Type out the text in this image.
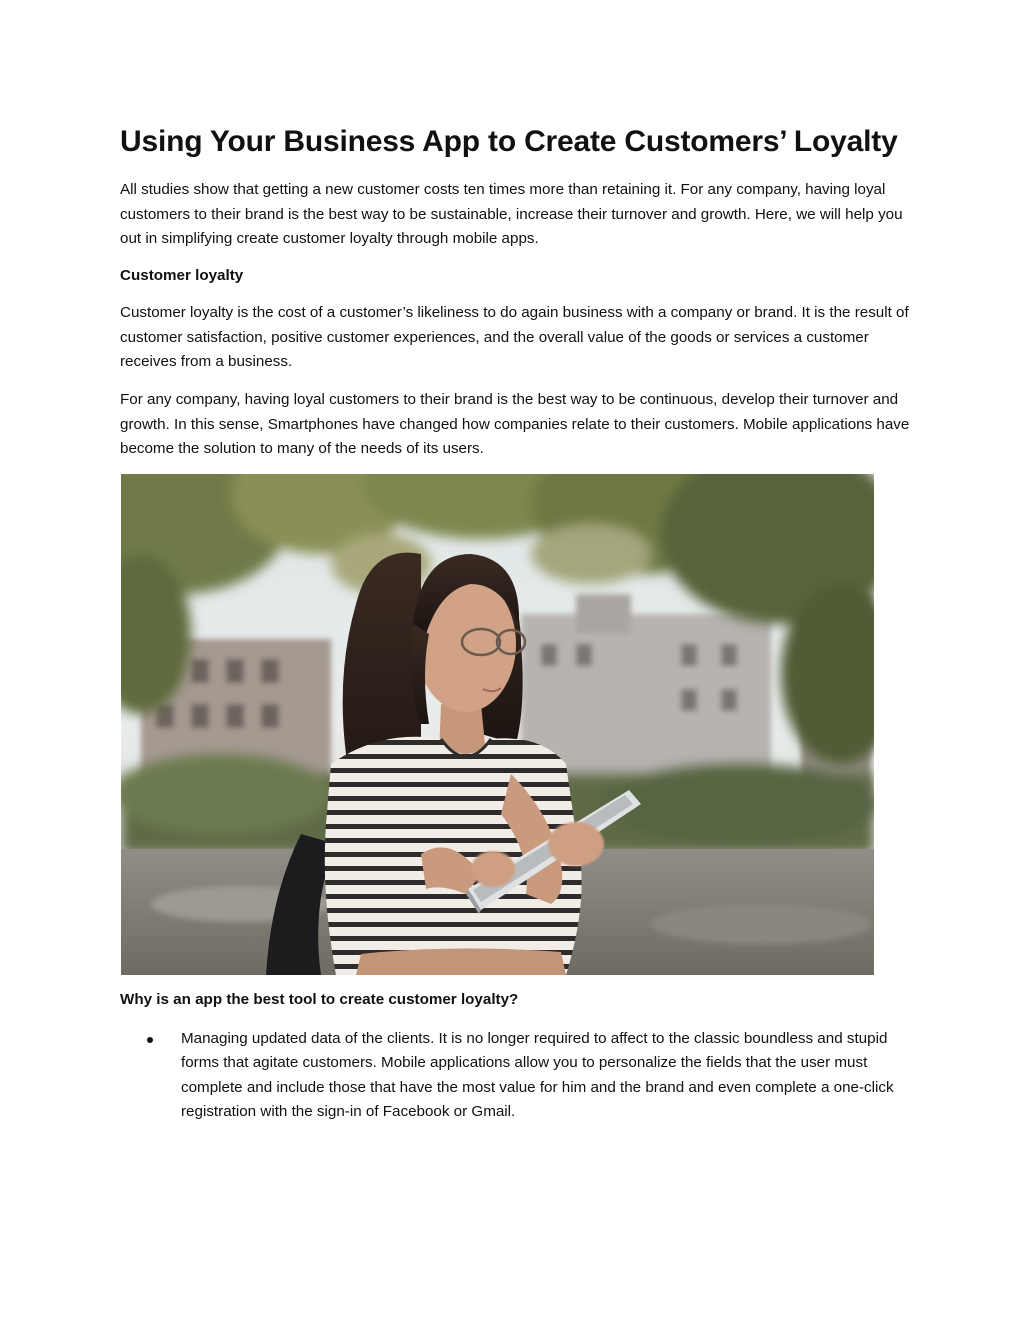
Using Your Business App to Create Customers’ Loyalty

All studies show that getting a new customer costs ten times more than retaining it. For any company, having loyal customers to their brand is the best way to be sustainable, increase their turnover and growth. Here, we will help you out in simplifying create customer loyalty through mobile apps.

Customer loyalty

Customer loyalty is the cost of a customer’s likeliness to do again business with a company or brand. It is the result of customer satisfaction, positive customer experiences, and the overall value of the goods or services a customer receives from a business.

For any company, having loyal customers to their brand is the best way to be continuous, develop their turnover and growth. In this sense, Smartphones have changed how companies relate to their customers. Mobile applications have become the solution to many of the needs of its users.

Why is an app the best tool to create customer loyalty?
Managing updated data of the clients. It is no longer required to affect to the classic boundless and stupid forms that agitate customers. Mobile applications allow you to personalize the fields that the user must complete and include those that have the most value for him and the brand and even complete a one-click registration with the sign-in of Facebook or Gmail.
